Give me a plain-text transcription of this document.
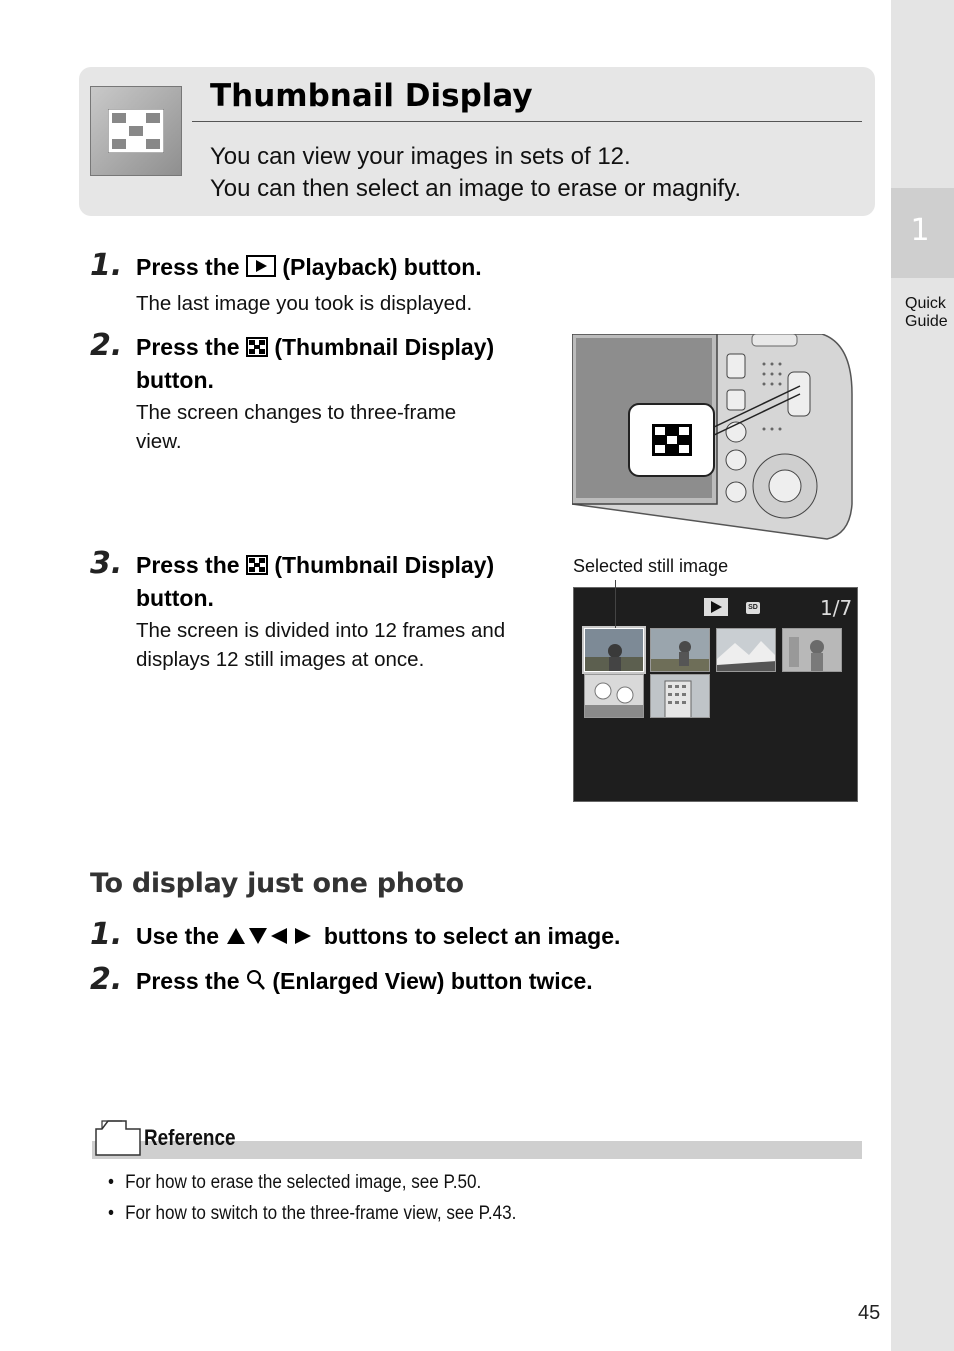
1
Quick Guide
Thumbnail Display
You can view your images in sets of 12.
You can then select an image to erase or magnify.
1. Press the (Playback) button.
The last image you took is displayed.
2. Press the (Thumbnail Display)
button.
The screen changes to three-frame
view.
3. Press the (Thumbnail Display)
button.
The screen is divided into 12 frames and
displays 12 still images at once.
Selected still image
SD	1/7
To display just one photo
1. Use the	buttons to select an image.
2. Press the (Enlarged View) button twice.
Reference
• For how to erase the selected image, see P.50.
• For how to switch to the three-frame view, see P.43.
45
